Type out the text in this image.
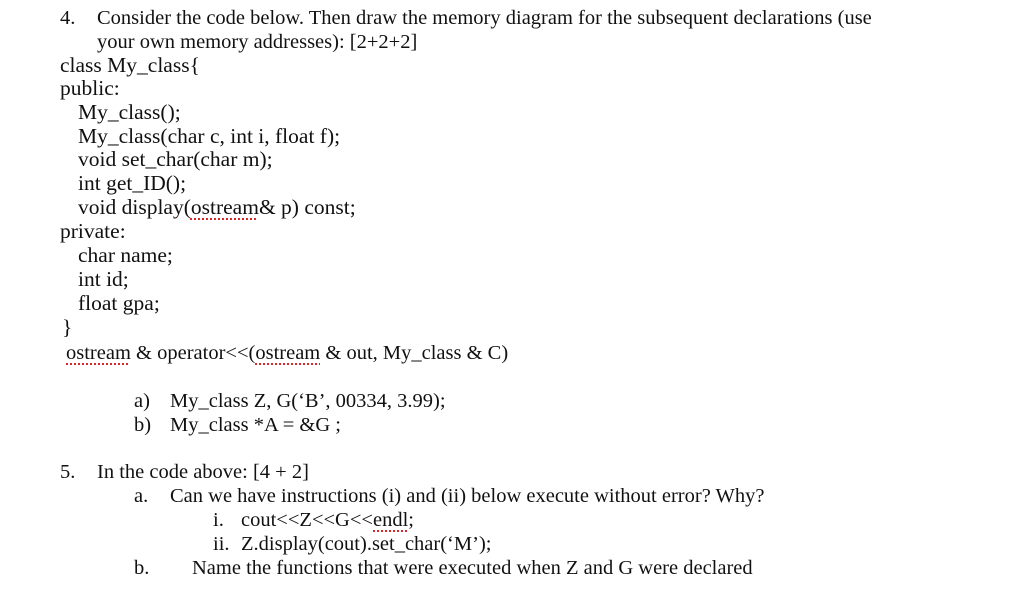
4. Consider the code below. Then draw the memory diagram for the subsequent declarations (use
your own memory addresses): [2+2+2]
class My_class{
public:
My_class();
My_class(char c, int i, float f);
void set_char(char m);
int get_ID();
void display(ostream& p) const;
private:
char name;
int id;
float gpa;
}
ostream & operator<<(ostream & out, My_class & C)
a) My_class Z, G(‘B’, 00334, 3.99);
b) My_class *A = &G ;
5. In the code above: [4 + 2]
a. Can we have instructions (i) and (ii) below execute without error? Why?
i. cout<<Z<<G<<endl;
ii. Z.display(cout).set_char(‘M’);
b. Name the functions that were executed when Z and G were declared
